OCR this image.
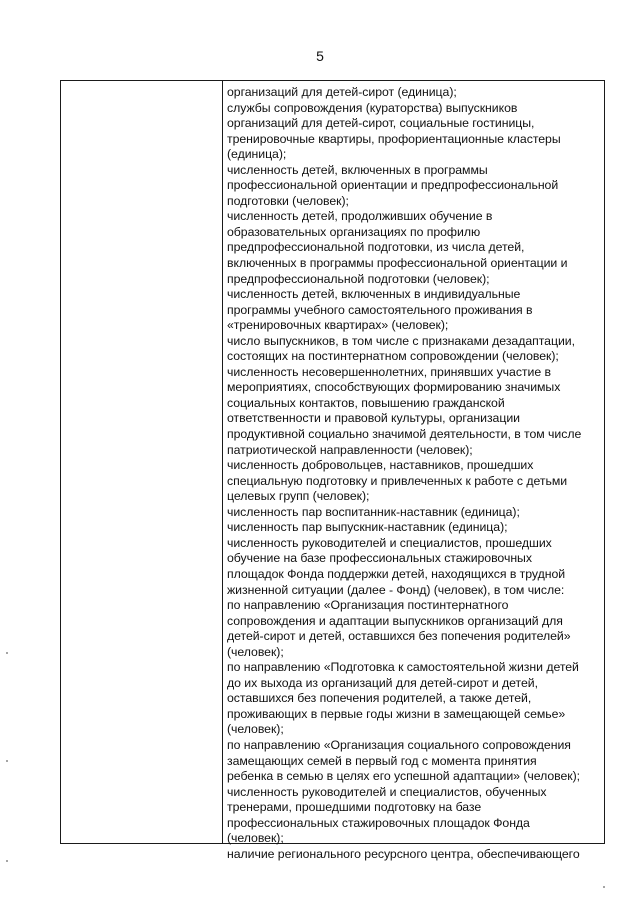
5
организаций для детей-сирот (единица);
службы сопровождения (кураторства) выпускников
организаций для детей-сирот, социальные гостиницы,
тренировочные квартиры, профориентационные кластеры
(единица);
численность детей, включенных в программы
профессиональной ориентации и предпрофессиональной
подготовки (человек);
численность детей, продолживших обучение в
образовательных организациях по профилю
предпрофессиональной подготовки, из числа детей,
включенных в программы профессиональной ориентации и
предпрофессиональной подготовки (человек);
численность детей, включенных в индивидуальные
программы учебного самостоятельного проживания в
«тренировочных квартирах» (человек);
число выпускников, в том числе с признаками дезадаптации,
состоящих на постинтернатном сопровождении (человек);
численность несовершеннолетних, принявших участие в
мероприятиях, способствующих формированию значимых
социальных контактов, повышению гражданской
ответственности и правовой культуры, организации
продуктивной социально значимой деятельности, в том числе
патриотической направленности (человек);
численность добровольцев, наставников, прошедших
специальную подготовку и привлеченных к работе с детьми
целевых групп (человек);
численность пар воспитанник-наставник (единица);
численность пар выпускник-наставник (единица);
численность руководителей и специалистов, прошедших
обучение на базе профессиональных стажировочных
площадок Фонда поддержки детей, находящихся в трудной
жизненной ситуации (далее - Фонд) (человек), в том числе:
по направлению «Организация постинтернатного
сопровождения и адаптации выпускников организаций для
детей-сирот и детей, оставшихся без попечения родителей»
(человек);
по направлению «Подготовка к самостоятельной жизни детей
до их выхода из организаций для детей-сирот и детей,
оставшихся без попечения родителей, а также детей,
проживающих в первые годы жизни в замещающей семье»
(человек);
по направлению «Организация социального сопровождения
замещающих семей в первый год с момента принятия
ребенка в семью в целях его успешной адаптации» (человек);
численность руководителей и специалистов, обученных
тренерами, прошедшими подготовку на базе
профессиональных стажировочных площадок Фонда
(человек);
наличие регионального ресурсного центра, обеспечивающего
